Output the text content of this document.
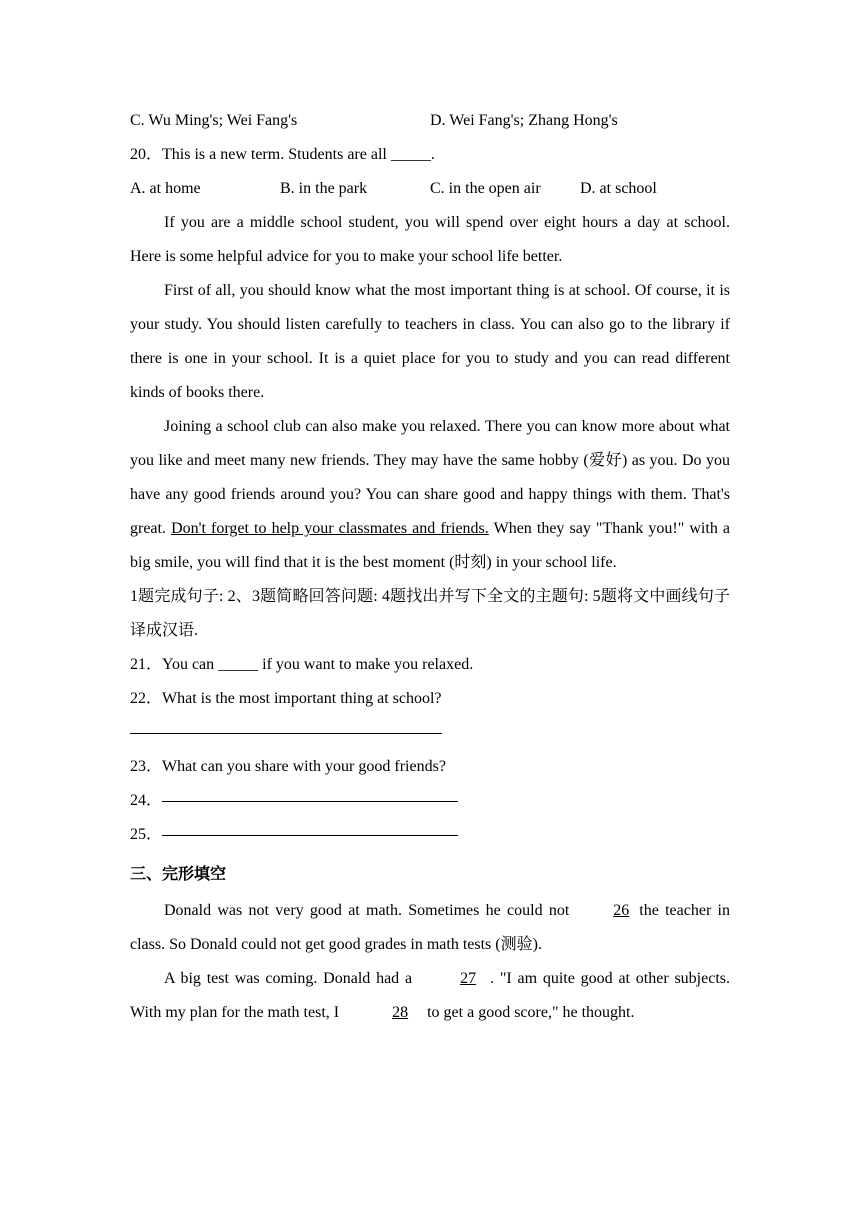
C. Wu Ming's; Wei Fang's	D. Wei Fang's; Zhang Hong's
20．This is a new term. Students are all _____.
A. at home	B. in the park	C. in the open air D. at school
If you are a middle school student, you will spend over eight hours a day at school. Here is some helpful advice for you to make your school life better.
First of all, you should know what the most important thing is at school. Of course, it is your study. You should listen carefully to teachers in class. You can also go to the library if there is one in your school. It is a quiet place for you to study and you can read different kinds of books there.
Joining a school club can also make you relaxed. There you can know more about what you like and meet many new friends. They may have the same hobby (爱好) as you. Do you have any good friends around you? You can share good and happy things with them. That's great. Don't forget to help your classmates and friends. When they say "Thank you!" with a big smile, you will find that it is the best moment (时刻) in your school life.
1题完成句子: 2、3题简略回答问题: 4题找出并写下全文的主题句: 5题将文中画线句子译成汉语.
21．You can _____ if you want to make you relaxed.
22．What is the most important thing at school?
23．What can you share with your good friends?
24．
25．
三、完形填空
Donald was not very good at math. Sometimes he could not	26 the teacher in class. So Donald could not get good grades in math tests (测验).
A big test was coming. Donald had a	27 . "I am quite good at other subjects. With my plan for the math test, I	28 to get a good score," he thought.
